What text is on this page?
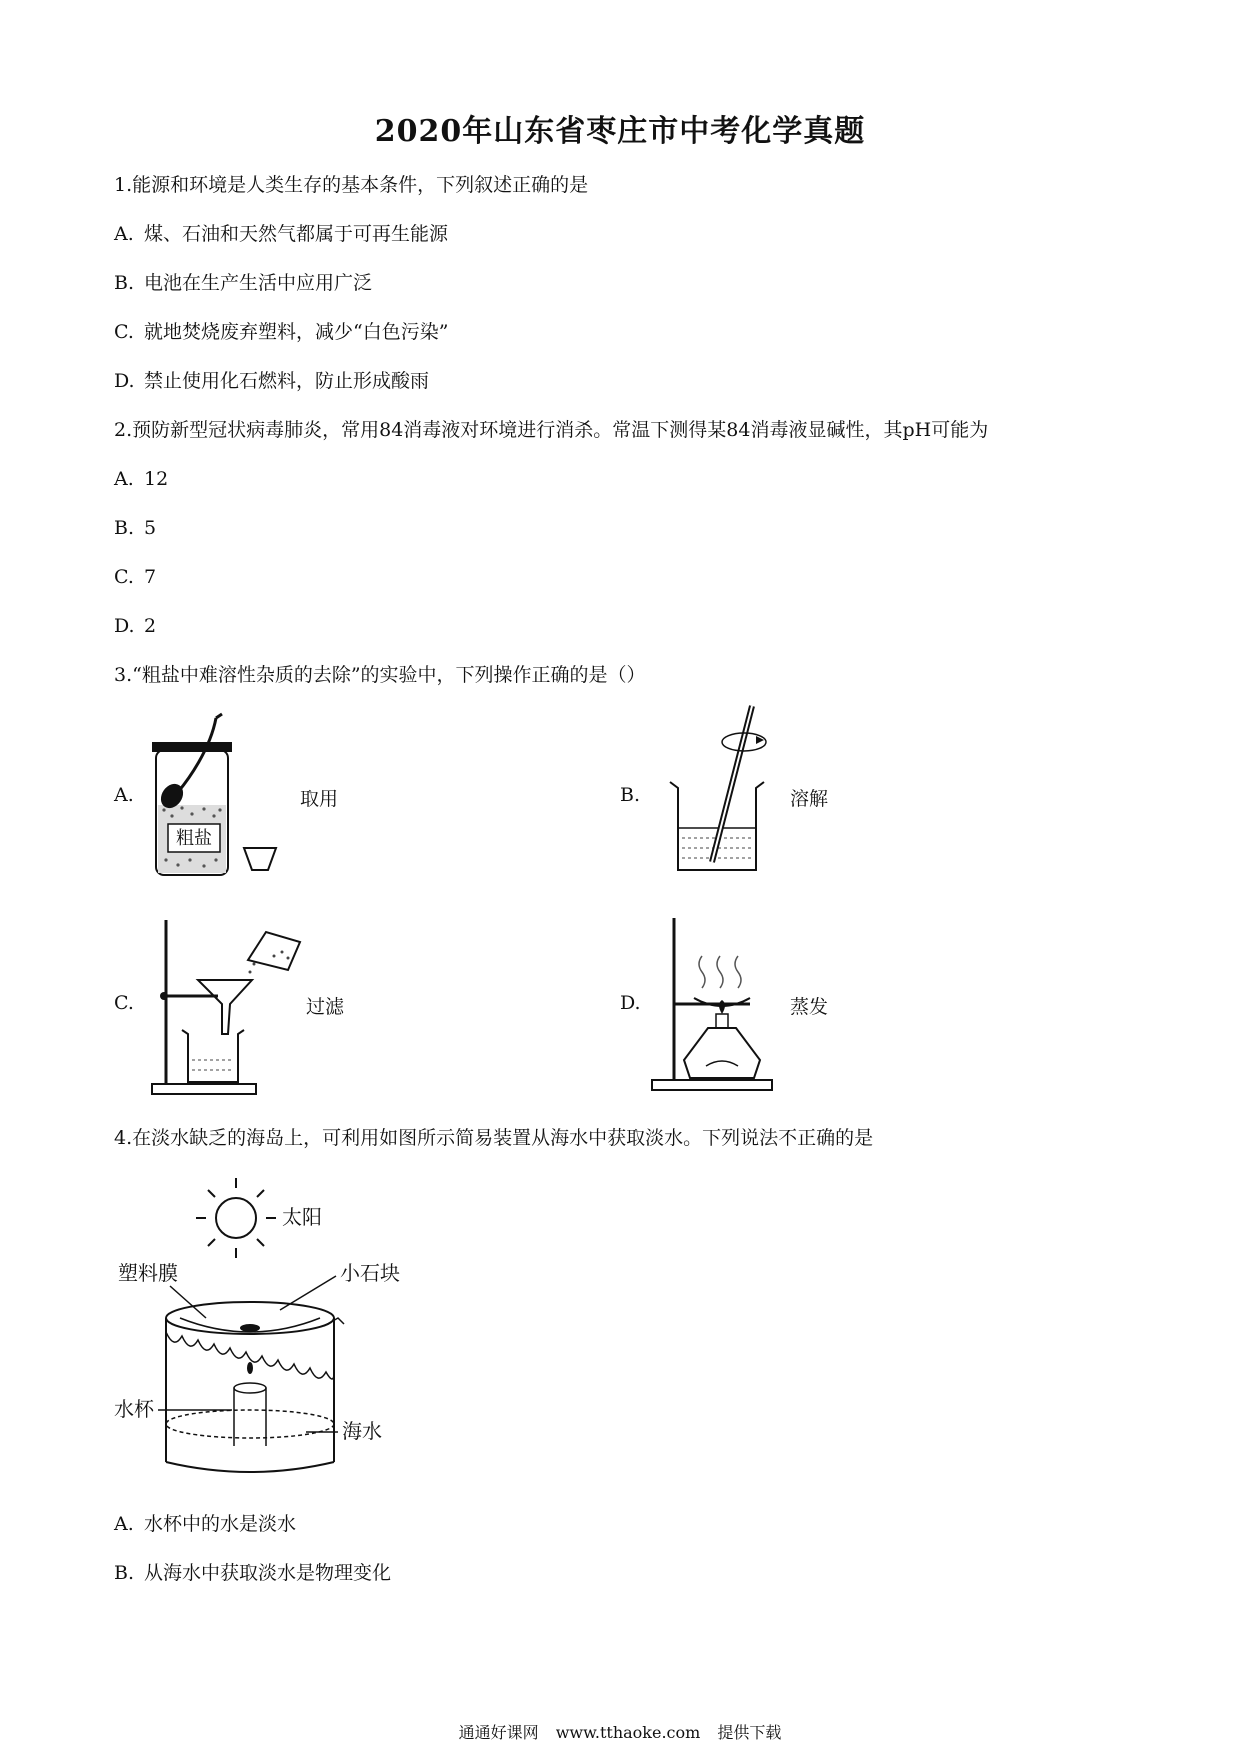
2020年山东省枣庄市中考化学真题
1.能源和环境是人类生存的基本条件，下列叙述正确的是
A. 煤、石油和天然气都属于可再生能源
B. 电池在生产生活中应用广泛
C. 就地焚烧废弃塑料，减少“白色污染”
D. 禁止使用化石燃料，防止形成酸雨
2.预防新型冠状病毒肺炎，常用84消毒液对环境进行消杀。常温下测得某84消毒液显碱性，其pH可能为
A. 12
B. 5
C. 7
D. 2
3.“粗盐中难溶性杂质的去除”的实验中，下列操作正确的是（）
A.
粗盐
取用	B.	溶解
C.	过滤	D.	蒸发
4.在淡水缺乏的海岛上，可利用如图所示简易装置从海水中获取淡水。下列说法不正确的是
太阳
塑料膜	小石块
水杯
海水
A. 水杯中的水是淡水
B. 从海水中获取淡水是物理变化
通通好课网 www.tthaoke.com 提供下载
